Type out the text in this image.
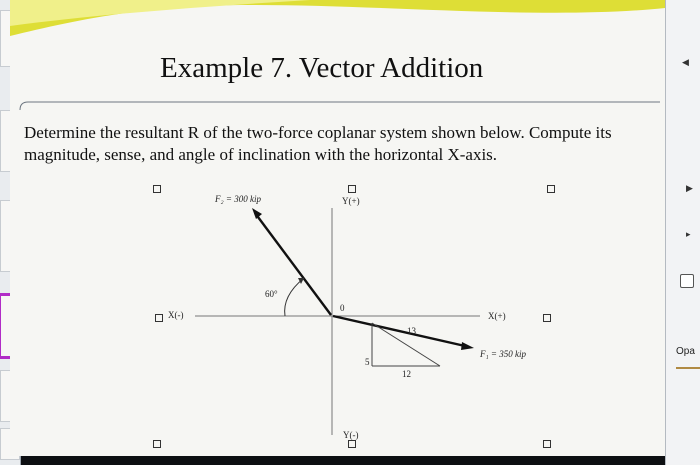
Example 7. Vector Addition
Determine the resultant R of the two-force coplanar system shown below. Compute its magnitude, sense, and angle of inclination with the horizontal X-axis.
F₂ = 300 kip	Y(+)
60°
0
X(-)	X(+)
5
12
13
F₁ = 350 kip
Y(-)
◀
▶
▸
Opa
